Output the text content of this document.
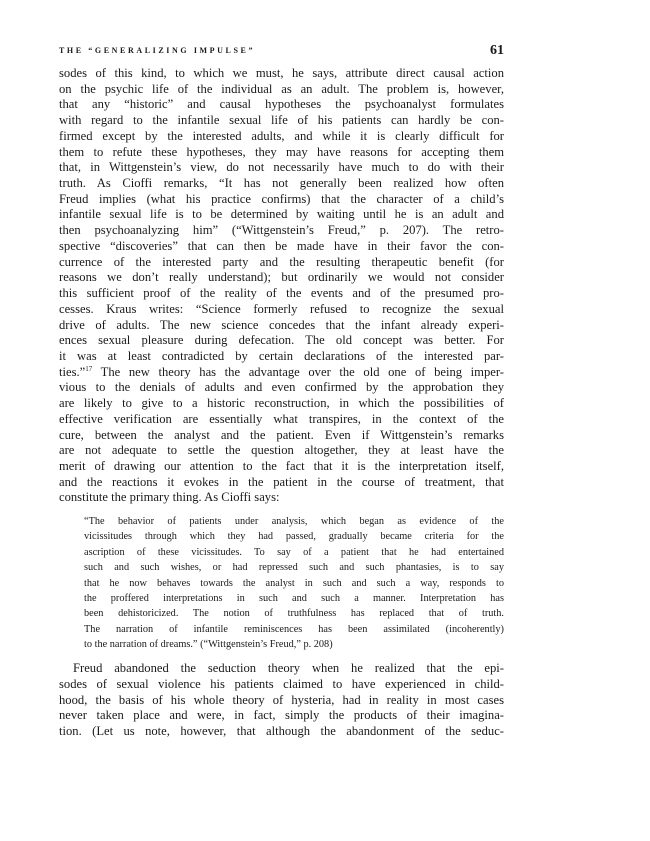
THE “GENERALIZING IMPULSE”	61
sodes of this kind, to which we must, he says, attribute direct causal action
on the psychic life of the individual as an adult. The problem is, however,
that any “historic” and causal hypotheses the psychoanalyst formulates
with regard to the infantile sexual life of his patients can hardly be con-
firmed except by the interested adults, and while it is clearly difficult for
them to refute these hypotheses, they may have reasons for accepting them
that, in Wittgenstein’s view, do not necessarily have much to do with their
truth. As Cioffi remarks, “It has not generally been realized how often
Freud implies (what his practice confirms) that the character of a child’s
infantile sexual life is to be determined by waiting until he is an adult and
then psychoanalyzing him” (“Wittgenstein’s Freud,” p. 207). The retro-
spective “discoveries” that can then be made have in their favor the con-
currence of the interested party and the resulting therapeutic benefit (for
reasons we don’t really understand); but ordinarily we would not consider
this sufficient proof of the reality of the events and of the presumed pro-
cesses. Kraus writes: “Science formerly refused to recognize the sexual
drive of adults. The new science concedes that the infant already experi-
ences sexual pleasure during defecation. The old concept was better. For
it was at least contradicted by certain declarations of the interested par-
ties.”$^{17}$ The new theory has the advantage over the old one of being imper-
vious to the denials of adults and even confirmed by the approbation they
are likely to give to a historic reconstruction, in which the possibilities of
effective verification are essentially what transpires, in the context of the
cure, between the analyst and the patient. Even if Wittgenstein’s remarks
are not adequate to settle the question altogether, they at least have the
merit of drawing our attention to the fact that it is the interpretation itself,
and the reactions it evokes in the patient in the course of treatment, that
constitute the primary thing. As Cioffi says:
“The behavior of patients under analysis, which began as evidence of the
vicissitudes through which they had passed, gradually became criteria for the
ascription of these vicissitudes. To say of a patient that he had entertained
such and such wishes, or had repressed such and such phantasies, is to say
that he now behaves towards the analyst in such and such a way, responds to
the proffered interpretations in such and such a manner. Interpretation has
been dehistoricized. The notion of truthfulness has replaced that of truth.
The narration of infantile reminiscences has been assimilated (incoherently)
to the narration of dreams.” (“Wittgenstein’s Freud,” p. 208)
Freud abandoned the seduction theory when he realized that the epi-
sodes of sexual violence his patients claimed to have experienced in child-
hood, the basis of his whole theory of hysteria, had in reality in most cases
never taken place and were, in fact, simply the products of their imagina-
tion. (Let us note, however, that although the abandonment of the seduc-
